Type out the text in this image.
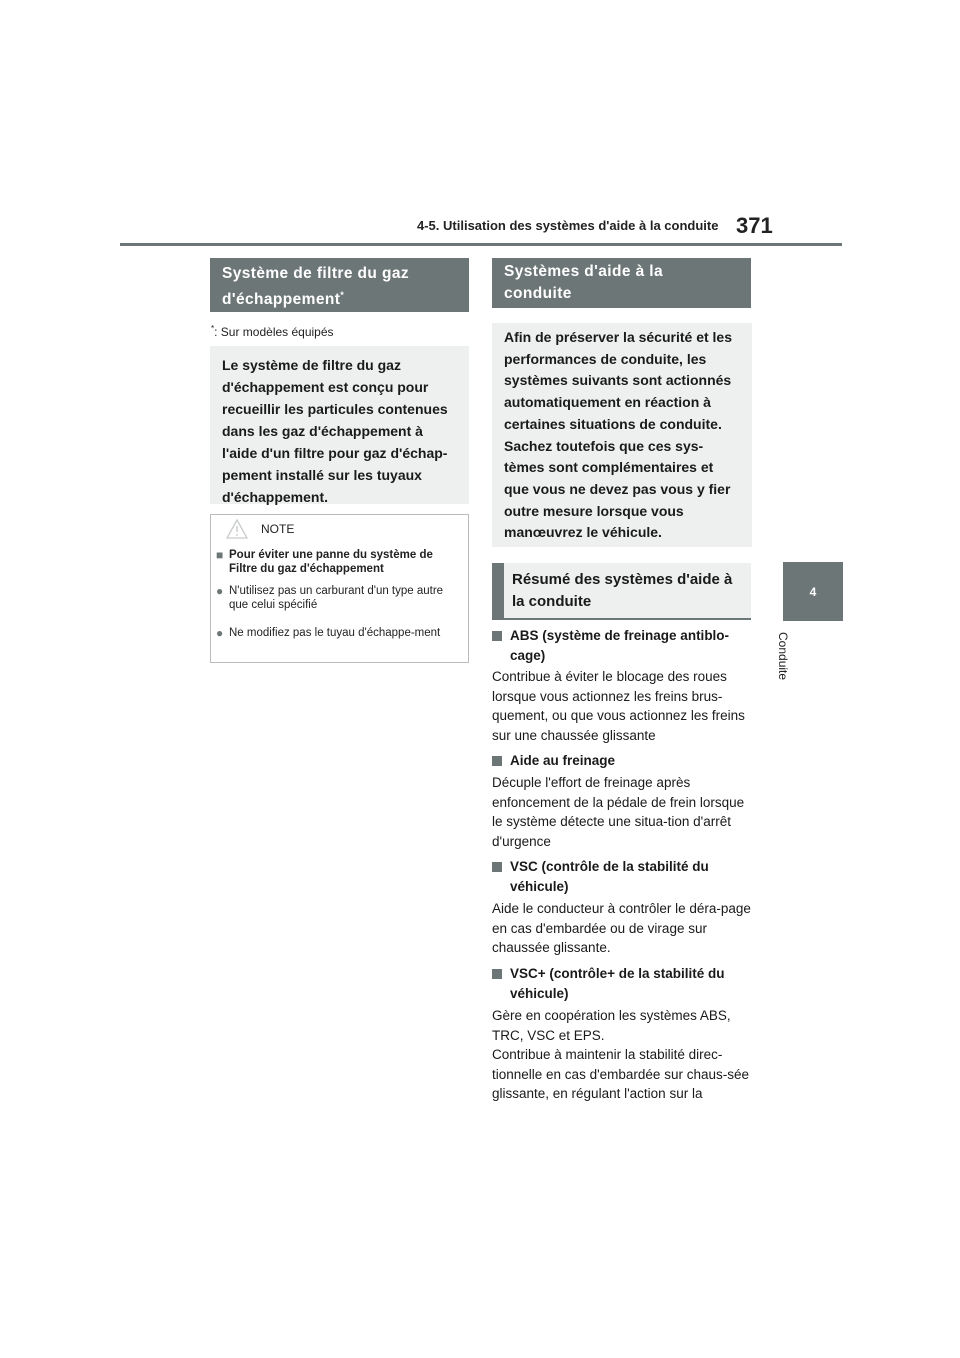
4-5. Utilisation des systèmes d'aide à la conduite 371
4
Conduite
Système de filtre du gaz
d'échappement*
*: Sur modèles équipés
Le système de filtre du gaz
d'échappement est conçu pour
recueillir les particules contenues
dans les gaz d'échappement à
l'aide d'un filtre pour gaz d'échap-
pement installé sur les tuyaux
d'échappement.
NOTE
■ Pour éviter une panne du système de Filtre du gaz d'échappement
● N'utilisez pas un carburant d'un type autre que celui spécifié
● Ne modifiez pas le tuyau d'échappe-ment
Systèmes d'aide à la
conduite
Afin de préserver la sécurité et les
performances de conduite, les
systèmes suivants sont actionnés
automatiquement en réaction à
certaines situations de conduite.
Sachez toutefois que ces sys-
tèmes sont complémentaires et
que vous ne devez pas vous y fier
outre mesure lorsque vous
manœuvrez le véhicule.
Résumé des systèmes d'aide à
la conduite
ABS (système de freinage antiblo-cage)
Contribue à éviter le blocage des roues lorsque vous actionnez les freins brus-quement, ou que vous actionnez les freins sur une chaussée glissante
Aide au freinage
Décuple l'effort de freinage après enfoncement de la pédale de frein lorsque le système détecte une situa-tion d'arrêt d'urgence
VSC (contrôle de la stabilité du véhicule)
Aide le conducteur à contrôler le déra-page en cas d'embardée ou de virage sur chaussée glissante.
VSC+ (contrôle+ de la stabilité du véhicule)
Gère en coopération les systèmes ABS, TRC, VSC et EPS.
Contribue à maintenir la stabilité direc-tionnelle en cas d'embardée sur chaus-sée glissante, en régulant l'action sur la
